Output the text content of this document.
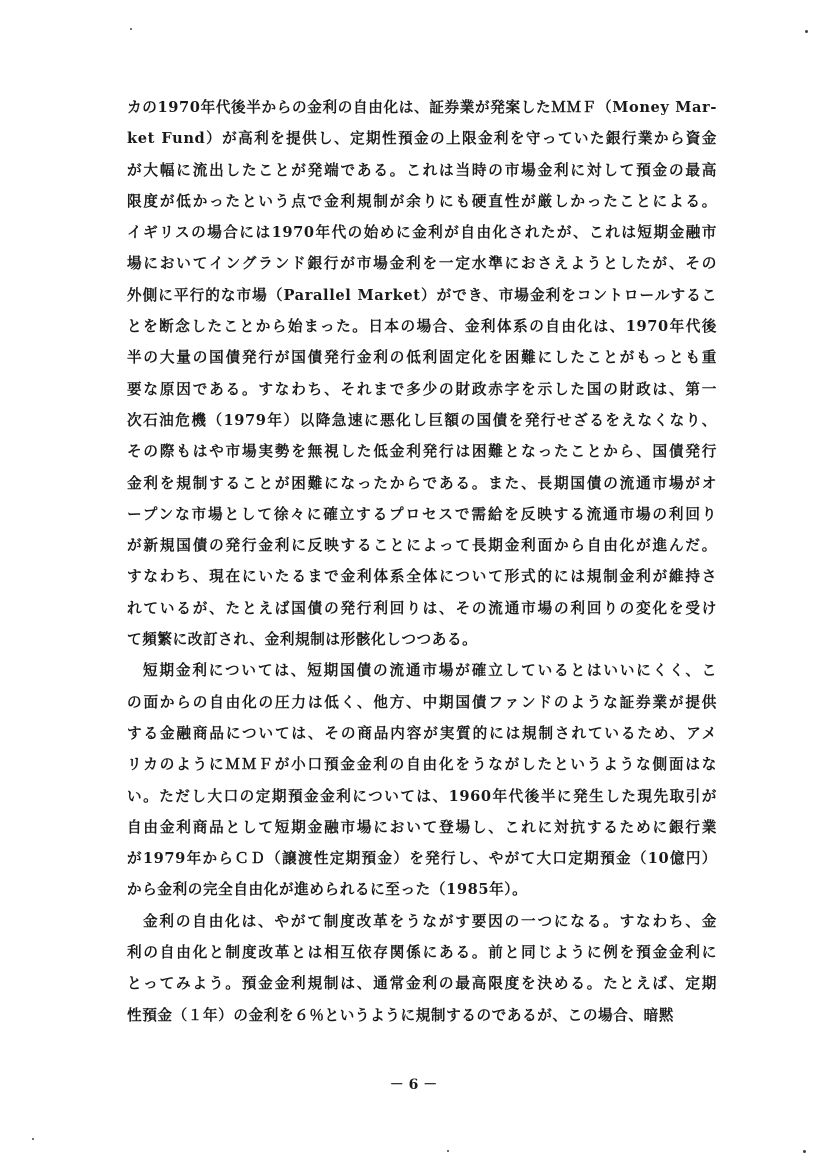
カの1970年代後半からの金利の自由化は、証券業が発案したＭＭＦ（Money Mar-
ket Fund）が高利を提供し、定期性預金の上限金利を守っていた銀行業から資金
が大幅に流出したことが発端である。これは当時の市場金利に対して預金の最高
限度が低かったという点で金利規制が余りにも硬直性が厳しかったことによる。
イギリスの場合には1970年代の始めに金利が自由化されたが、これは短期金融市
場においてイングランド銀行が市場金利を一定水準におさえようとしたが、その
外側に平行的な市場（Parallel Market）ができ、市場金利をコントロールするこ
とを断念したことから始まった。日本の場合、金利体系の自由化は、1970年代後
半の大量の国債発行が国債発行金利の低利固定化を困難にしたことがもっとも重
要な原因である。すなわち、それまで多少の財政赤字を示した国の財政は、第一
次石油危機（1979年）以降急速に悪化し巨額の国債を発行せざるをえなくなり、
その際もはや市場実勢を無視した低金利発行は困難となったことから、国債発行
金利を規制することが困難になったからである。また、長期国債の流通市場がオ
ープンな市場として徐々に確立するプロセスで需給を反映する流通市場の利回り
が新規国債の発行金利に反映することによって長期金利面から自由化が進んだ。
すなわち、現在にいたるまで金利体系全体について形式的には規制金利が維持さ
れているが、たとえば国債の発行利回りは、その流通市場の利回りの変化を受け
て頻繁に改訂され、金利規制は形骸化しつつある。
短期金利については、短期国債の流通市場が確立しているとはいいにくく、こ
の面からの自由化の圧力は低く、他方、中期国債ファンドのような証券業が提供
する金融商品については、その商品内容が実質的には規制されているため、アメ
リカのようにＭＭＦが小口預金金利の自由化をうながしたというような側面はな
い。ただし大口の定期預金金利については、1960年代後半に発生した現先取引が
自由金利商品として短期金融市場において登場し、これに対抗するために銀行業
が1979年からＣＤ（譲渡性定期預金）を発行し、やがて大口定期預金（10億円）
から金利の完全自由化が進められるに至った（1985年）。
金利の自由化は、やがて制度改革をうながす要因の一つになる。すなわち、金
利の自由化と制度改革とは相互依存関係にある。前と同じように例を預金金利に
とってみよう。預金金利規制は、通常金利の最高限度を決める。たとえば、定期
性預金（１年）の金利を６％というように規制するのであるが、この場合、暗黙
－ 6 －
